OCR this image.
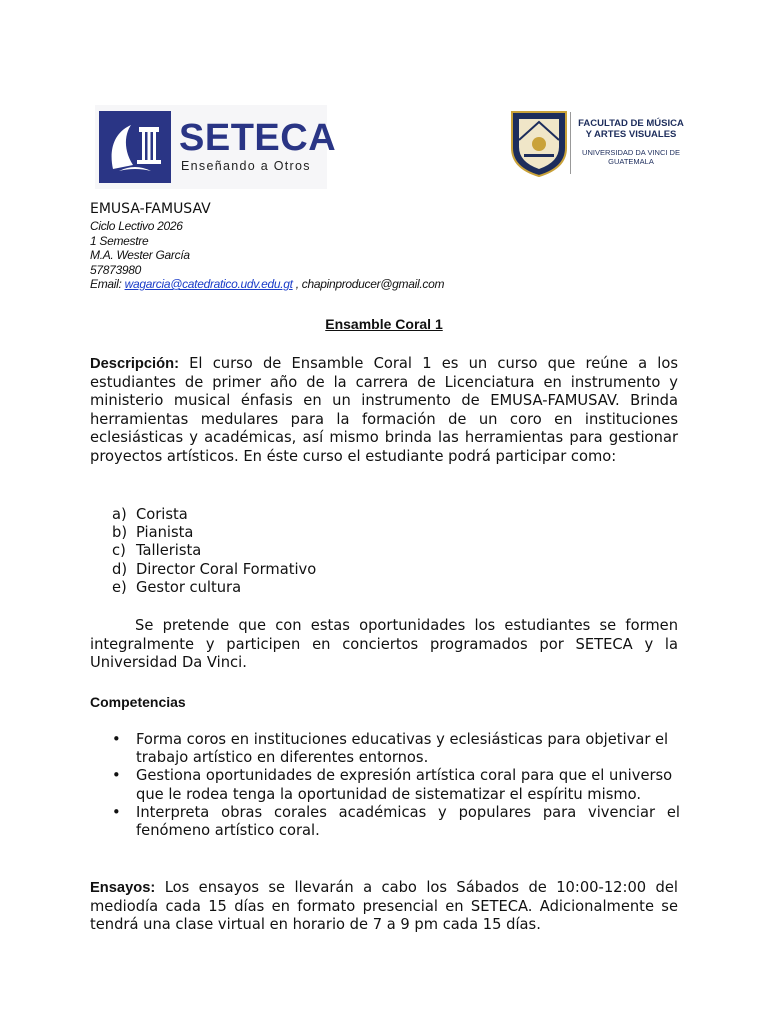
SETECA
Enseñando a Otros
FACULTAD DE MÚSICA Y ARTES VISUALES
UNIVERSIDAD DA VINCI DE GUATEMALA
EMUSA-FAMUSAV
Ciclo Lectivo 2026
1 Semestre
M.A. Wester García
57873980
Email: wagarcia@catedratico.udv.edu.gt , chapinproducer@gmail.com
Ensamble Coral 1

Descripción: El curso de Ensamble Coral 1 es un curso que reúne a los estudiantes de primer año de la carrera de Licenciatura en instrumento y ministerio musical énfasis en un instrumento de EMUSA-FAMUSAV. Brinda herramientas medulares para la formación de un coro en instituciones eclesiásticas y académicas, así mismo brinda las herramientas para gestionar proyectos artísticos. En éste curso el estudiante podrá participar como:

a) Corista
b) Pianista
c) Tallerista
d) Director Coral Formativo
e) Gestor cultura

Se pretende que con estas oportunidades los estudiantes se formen integralmente y participen en conciertos programados por SETECA y la Universidad Da Vinci.

Competencias
• Forma coros en instituciones educativas y eclesiásticas para objetivar el trabajo artístico en diferentes entornos.
• Gestiona oportunidades de expresión artística coral para que el universo que le rodea tenga la oportunidad de sistematizar el espíritu mismo.
• Interpreta obras corales académicas y populares para vivenciar el fenómeno artístico coral.

Ensayos: Los ensayos se llevarán a cabo los Sábados de 10:00-12:00 del mediodía cada 15 días en formato presencial en SETECA. Adicionalmente se tendrá una clase virtual en horario de 7 a 9 pm cada 15 días.
